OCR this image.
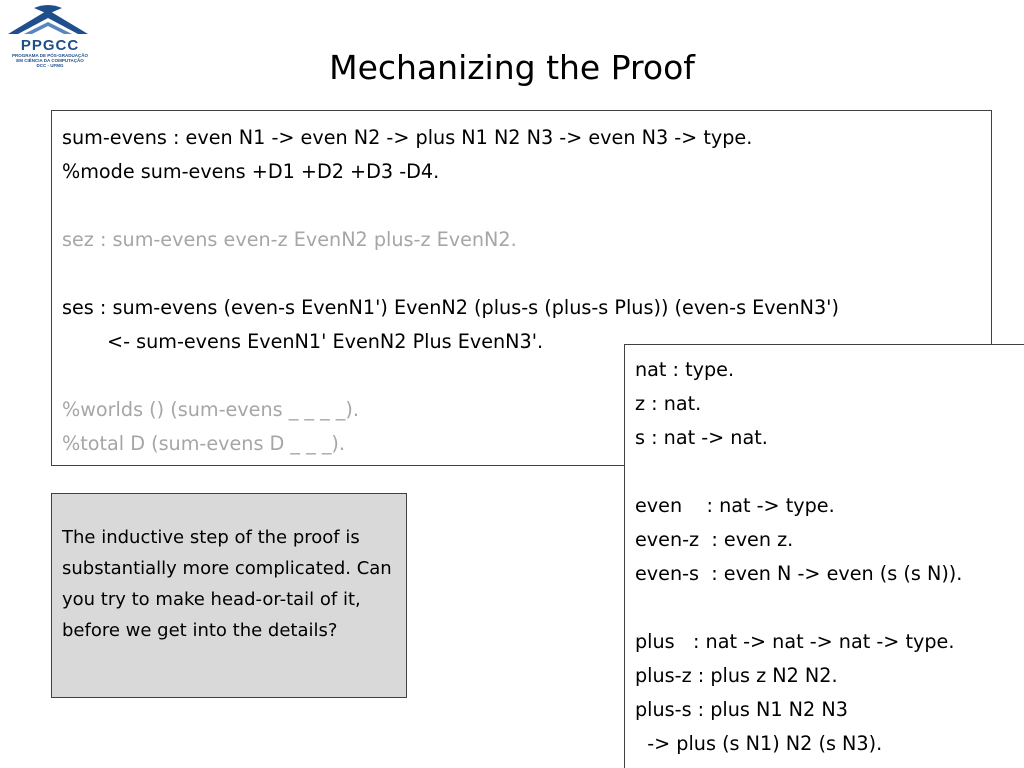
PPGCC
PROGRAMA DE PÓS-GRADUAÇÃO
EM CIÊNCIA DA COMPUTAÇÃO
DCC - UFMG	Mechanizing the Proof

sum-evens : even N1 -> even N2 -> plus N1 N2 N3 -> even N3 -> type.

%mode sum-evens +D1 +D2 +D3 -D4.

sez : sum-evens even-z EvenN2 plus-z EvenN2.

ses : sum-evens (even-s EvenN1') EvenN2 (plus-s (plus-s Plus)) (even-s EvenN3')

<- sum-evens EvenN1' EvenN2 Plus EvenN3'.

%worlds () (sum-evens _ _ _ _).

%total D (sum-evens D _ _ _).

The inductive step of the proof is substantially more complicated. Can you try to make head-or-tail of it, before we get into the details?

nat : type.

z : nat.

s : nat -> nat.

even    : nat -> type.

even-z  : even z.

even-s  : even N -> even (s (s N)).

plus   : nat -> nat -> nat -> type.

plus-z : plus z N2 N2.

plus-s : plus N1 N2 N3

-> plus (s N1) N2 (s N3).
